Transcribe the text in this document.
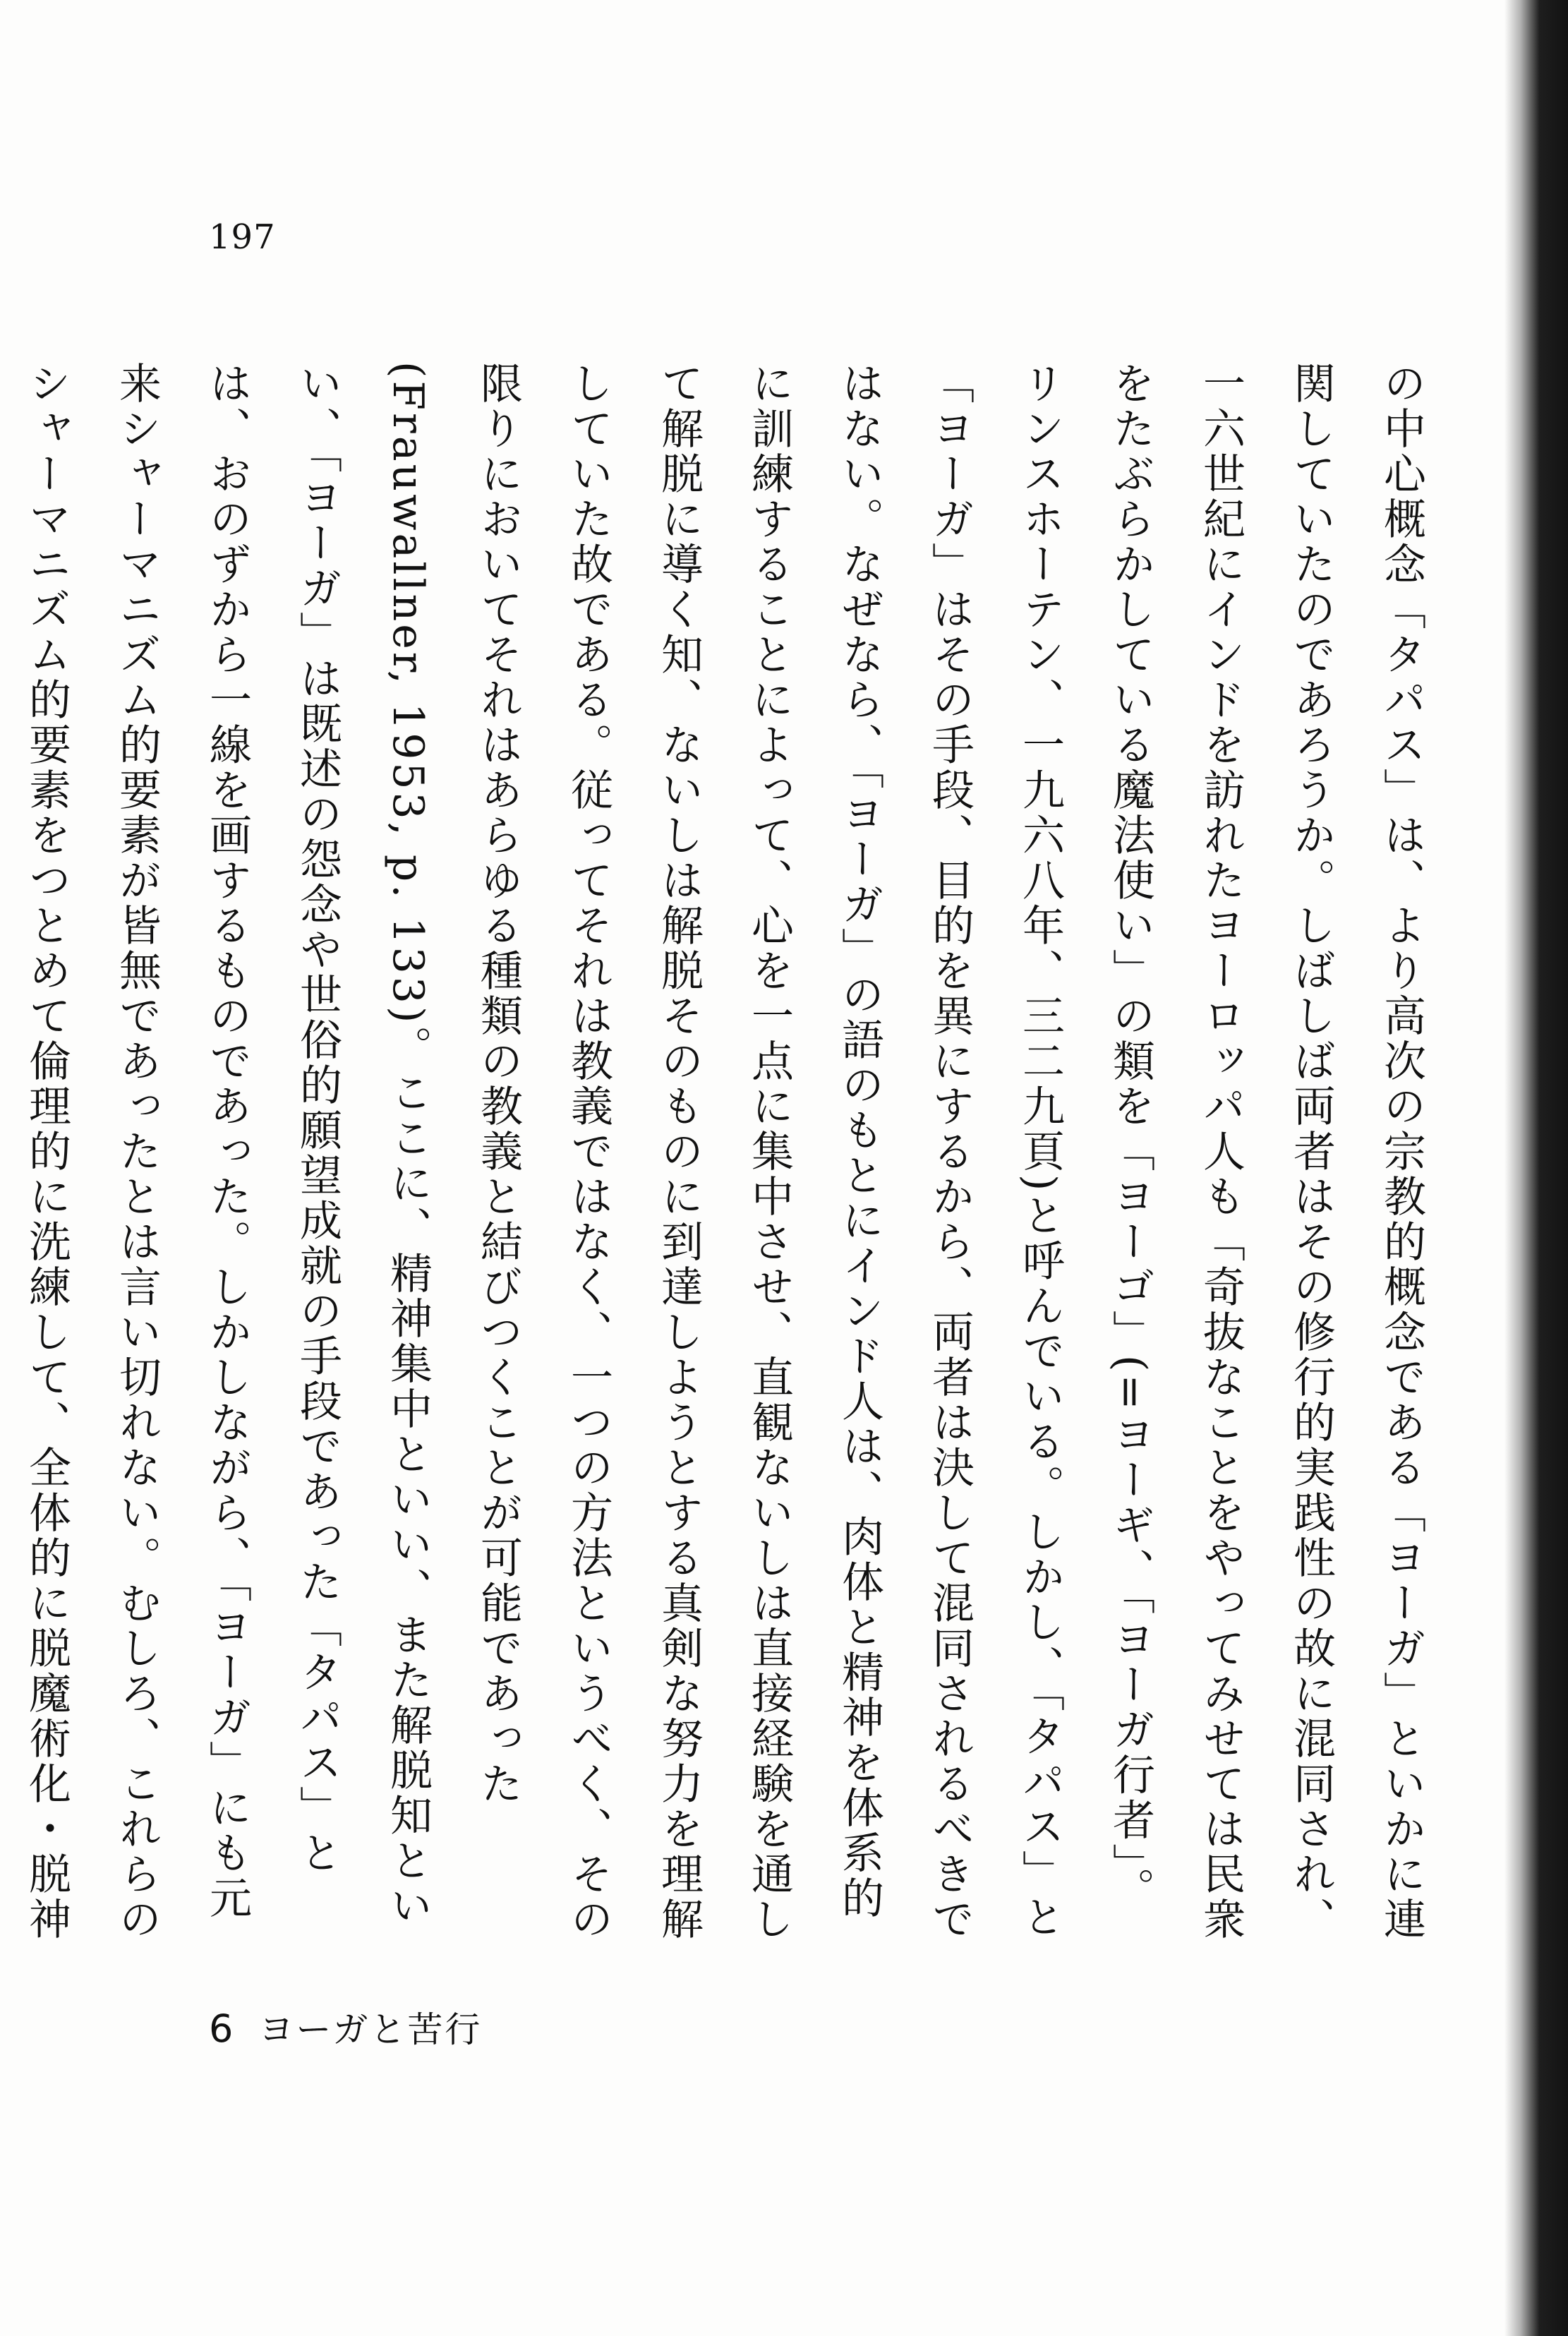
197
の中心概念「タパス」は、より高次の宗教的概念である「ヨーガ」といかに連関していたのであろうか。しばしば両者はその修行的実践性の故に混同され、一六世紀にインドを訪れたヨーロッパ人も「奇抜なことをやってみせては民衆をたぶらかしている魔法使い」の類を「ヨーゴ」(=ヨーギ、「ヨーガ行者」。リンスホーテン、一九六八年、三二九頁)と呼んでいる。しかし、「タパス」と「ヨーガ」はその手段、目的を異にするから、両者は決して混同されるべきではない。なぜなら、「ヨーガ」の語のもとにインド人は、肉体と精神を体系的に訓練することによって、心を一点に集中させ、直観ないしは直接経験を通して解脱に導く知、ないしは解脱そのものに到達しようとする真剣な努力を理解していた故である。従ってそれは教義ではなく、一つの方法というべく、その限りにおいてそれはあらゆる種類の教義と結びつくことが可能であった(Frauwallner, 1953, p. 133)。ここに、精神集中といい、また解脱知といい、「ヨーガ」は既述の怨念や世俗的願望成就の手段であった「タパス」とは、おのずから一線を画するものであった。しかしながら、「ヨーガ」にも元来シャーマニズム的要素が皆無であったとは言い切れない。むしろ、これらのシャーマニズム的要素をつとめて倫理的に洗練して、全体的に脱魔術化・脱神
6 ヨーガと苦行
